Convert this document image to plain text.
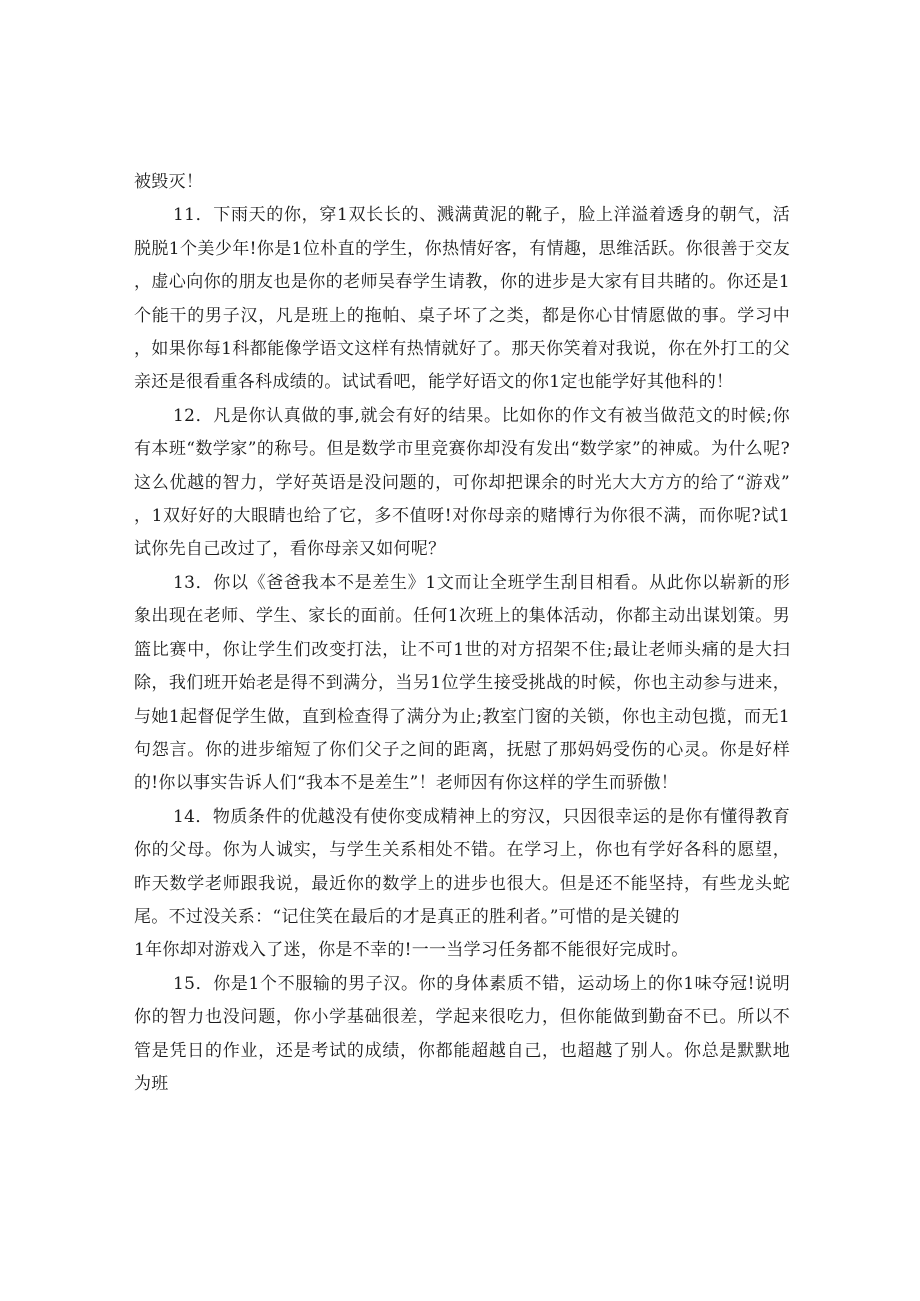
被毁灭！

11．下雨天的你，穿1双长长的、溅满黄泥的靴子，脸上洋溢着透身的朝气，活脱脱1个美少年!你是1位朴直的学生，你热情好客，有情趣，思维活跃。你很善于交友，虚心向你的朋友也是你的老师吴春学生请教，你的进步是大家有目共睹的。你还是1个能干的男子汉，凡是班上的拖帕、桌子坏了之类，都是你心甘情愿做的事。学习中，如果你每1科都能像学语文这样有热情就好了。那天你笑着对我说，你在外打工的父亲还是很看重各科成绩的。试试看吧，能学好语文的你1定也能学好其他科的！

12．凡是你认真做的事,就会有好的结果。比如你的作文有被当做范文的时候;你有本班“数学家”的称号。但是数学市里竞赛你却没有发出“数学家”的神威。为什么呢?这么优越的智力，学好英语是没问题的，可你却把课余的时光大大方方的给了“游戏”，1双好好的大眼睛也给了它，多不值呀!对你母亲的赌博行为你很不满，而你呢?试1试你先自己改过了，看你母亲又如何呢？

13．你以《爸爸我本不是差生》1文而让全班学生刮目相看。从此你以崭新的形象出现在老师、学生、家长的面前。任何1次班上的集体活动，你都主动出谋划策。男篮比赛中，你让学生们改变打法，让不可1世的对方招架不住;最让老师头痛的是大扫除，我们班开始老是得不到满分，当另1位学生接受挑战的时候，你也主动参与进来，与她1起督促学生做，直到检查得了满分为止;教室门窗的关锁，你也主动包揽，而无1句怨言。你的进步缩短了你们父子之间的距离，抚慰了那妈妈受伤的心灵。你是好样的!你以事实告诉人们“我本不是差生”！老师因有你这样的学生而骄傲！

14．物质条件的优越没有使你变成精神上的穷汉，只因很幸运的是你有懂得教育你的父母。你为人诚实，与学生关系相处不错。在学习上，你也有学好各科的愿望，昨天数学老师跟我说，最近你的数学上的进步也很大。但是还不能坚持，有些龙头蛇尾。不过没关系：“记住笑在最后的才是真正的胜利者。”可惜的是关键的

1年你却对游戏入了迷，你是不幸的!一一当学习任务都不能很好完成时。

15．你是1个不服输的男子汉。你的身体素质不错，运动场上的你1味夺冠!说明你的智力也没问题，你小学基础很差，学起来很吃力，但你能做到勤奋不已。所以不管是凭日的作业，还是考试的成绩，你都能超越自己，也超越了别人。你总是默默地为班
